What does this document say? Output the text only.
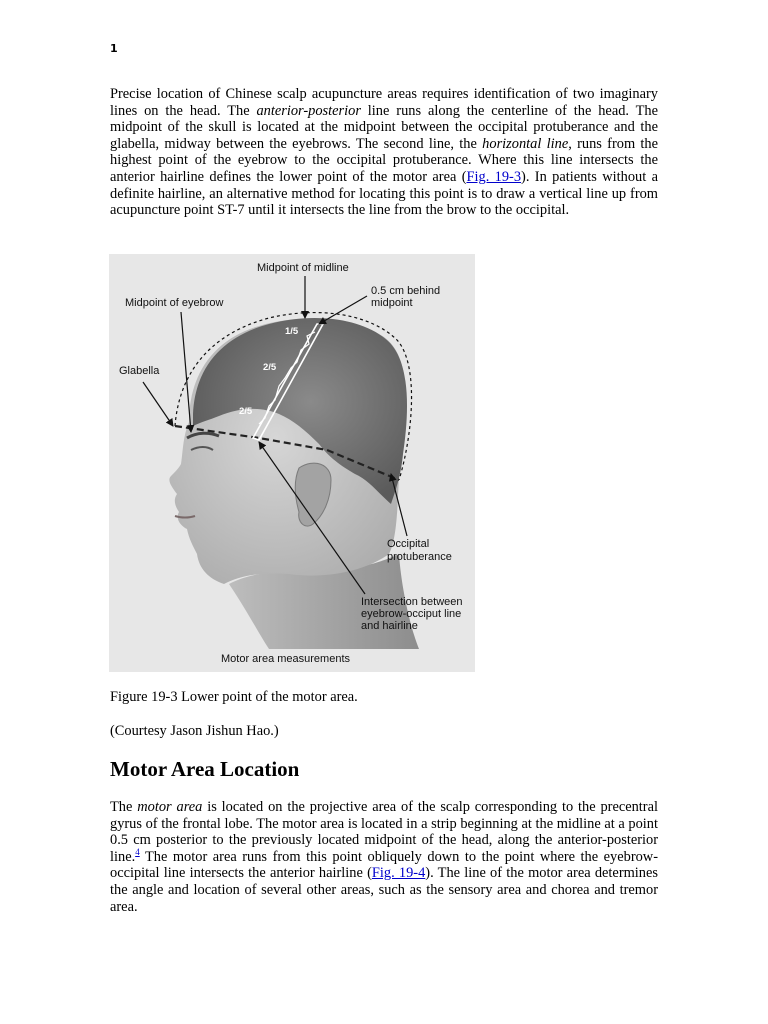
1

Precise location of Chinese scalp acupuncture areas requires identification of two imaginary lines on the head. The anterior-posterior line runs along the centerline of the head. The midpoint of the skull is located at the midpoint between the occipital protuberance and the glabella, midway between the eyebrows. The second line, the horizontal line, runs from the highest point of the eyebrow to the occipital protuberance. Where this line intersects the anterior hairline defines the lower point of the motor area (Fig. 19-3). In patients without a definite hairline, an alternative method for locating this point is to draw a vertical line up from acupuncture point ST-7 until it intersects the line from the brow to the occipital.

1/5
2/5
2/5
Midpoint of midline
0.5 cm behind
midpoint
Midpoint of eyebrow
Glabella
Occipital
protuberance
Intersection between
eyebrow-occiput line
and hairline
Motor area measurements

Figure 19-3 Lower point of the motor area.

(Courtesy Jason Jishun Hao.)

Motor Area Location

The motor area is located on the projective area of the scalp corresponding to the precentral gyrus of the frontal lobe. The motor area is located in a strip beginning at the midline at a point 0.5 cm posterior to the previously located midpoint of the head, along the anterior-posterior line.$^4$ The motor area runs from this point obliquely down to the point where the eyebrow-occipital line intersects the anterior hairline (Fig. 19-4). The line of the motor area determines the angle and location of several other areas, such as the sensory area and chorea and tremor area.
